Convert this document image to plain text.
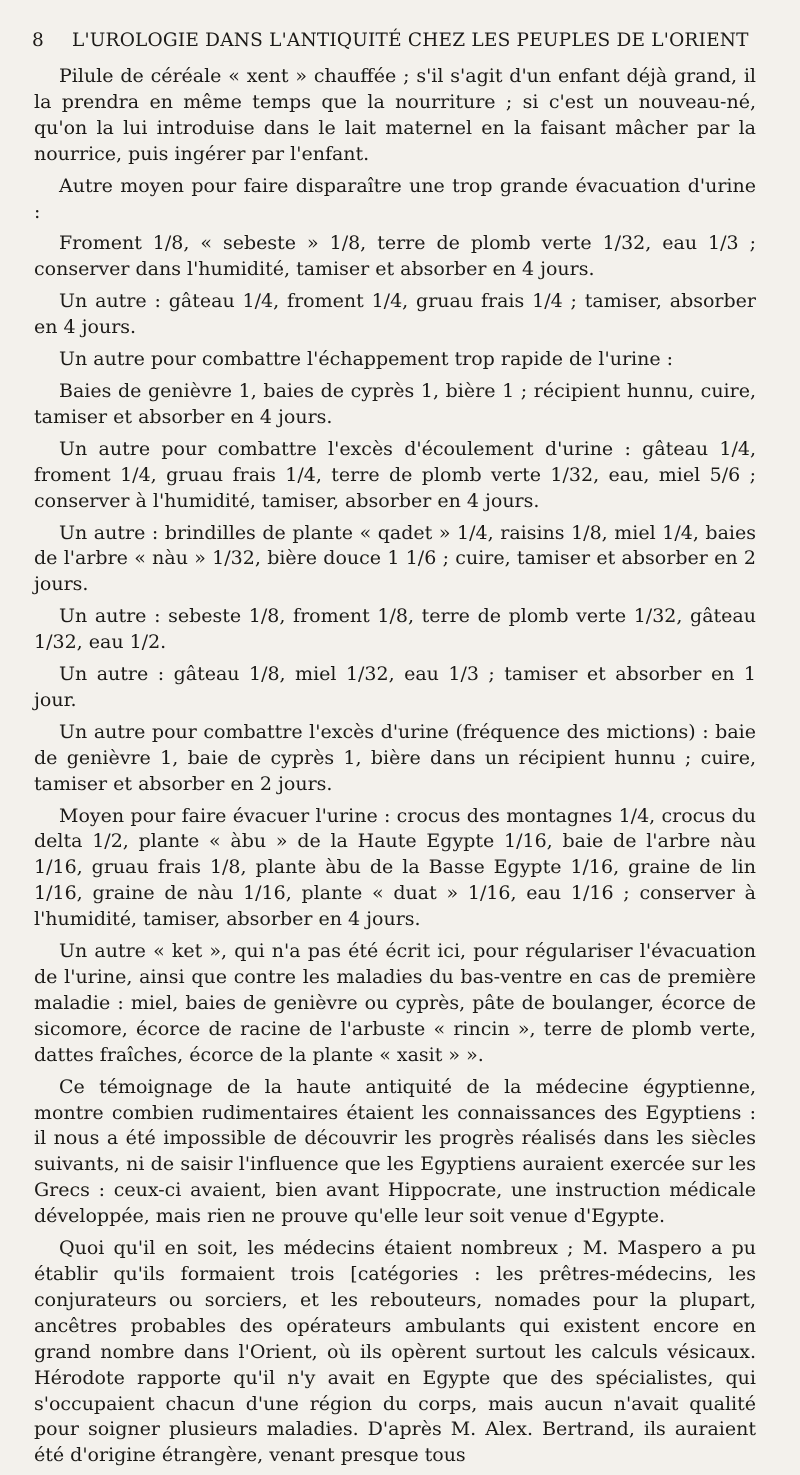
8 L'UROLOGIE DANS L'ANTIQUITÉ CHEZ LES PEUPLES DE L'ORIENT

Pilule de céréale « xent » chauffée ; s'il s'agit d'un enfant déjà grand, il la prendra en même temps que la nourriture ; si c'est un nouveau-né, qu'on la lui introduise dans le lait maternel en la faisant mâcher par la nourrice, puis ingérer par l'enfant.

Autre moyen pour faire disparaître une trop grande évacuation d'urine :

Froment 1/8, « sebeste » 1/8, terre de plomb verte 1/32, eau 1/3 ; conserver dans l'humidité, tamiser et absorber en 4 jours.

Un autre : gâteau 1/4, froment 1/4, gruau frais 1/4 ; tamiser, absorber en 4 jours.

Un autre pour combattre l'échappement trop rapide de l'urine :

Baies de genièvre 1, baies de cyprès 1, bière 1 ; récipient hunnu, cuire, tamiser et absorber en 4 jours.

Un autre pour combattre l'excès d'écoulement d'urine : gâteau 1/4, froment 1/4, gruau frais 1/4, terre de plomb verte 1/32, eau, miel 5/6 ; conserver à l'humidité, tamiser, absorber en 4 jours.

Un autre : brindilles de plante « qadet » 1/4, raisins 1/8, miel 1/4, baies de l'arbre « nàu » 1/32, bière douce 1 1/6 ; cuire, tamiser et absorber en 2 jours.

Un autre : sebeste 1/8, froment 1/8, terre de plomb verte 1/32, gâteau 1/32, eau 1/2.

Un autre : gâteau 1/8, miel 1/32, eau 1/3 ; tamiser et absorber en 1 jour.

Un autre pour combattre l'excès d'urine (fréquence des mictions) : baie de genièvre 1, baie de cyprès 1, bière dans un récipient hunnu ; cuire, tamiser et absorber en 2 jours.

Moyen pour faire évacuer l'urine : crocus des montagnes 1/4, crocus du delta 1/2, plante « àbu » de la Haute Egypte 1/16, baie de l'arbre nàu 1/16, gruau frais 1/8, plante àbu de la Basse Egypte 1/16, graine de lin 1/16, graine de nàu 1/16, plante « duat » 1/16, eau 1/16 ; conserver à l'humidité, tamiser, absorber en 4 jours.

Un autre « ket », qui n'a pas été écrit ici, pour régulariser l'évacuation de l'urine, ainsi que contre les maladies du bas-ventre en cas de première maladie : miel, baies de genièvre ou cyprès, pâte de boulanger, écorce de sicomore, écorce de racine de l'arbuste « rincin », terre de plomb verte, dattes fraîches, écorce de la plante « xasit » ».

Ce témoignage de la haute antiquité de la médecine égyptienne, montre combien rudimentaires étaient les connaissances des Egyptiens : il nous a été impossible de découvrir les progrès réalisés dans les siècles suivants, ni de saisir l'influence que les Egyptiens auraient exercée sur les Grecs : ceux-ci avaient, bien avant Hippocrate, une instruction médicale développée, mais rien ne prouve qu'elle leur soit venue d'Egypte.

Quoi qu'il en soit, les médecins étaient nombreux ; M. Maspero a pu établir qu'ils formaient trois [catégories : les prêtres-médecins, les conjurateurs ou sorciers, et les rebouteurs, nomades pour la plupart, ancêtres probables des opérateurs ambulants qui existent encore en grand nombre dans l'Orient, où ils opèrent surtout les calculs vésicaux. Hérodote rapporte qu'il n'y avait en Egypte que des spécialistes, qui s'occupaient chacun d'une région du corps, mais aucun n'avait qualité pour soigner plusieurs maladies. D'après M. Alex. Bertrand, ils auraient été d'origine étrangère, venant presque tous
